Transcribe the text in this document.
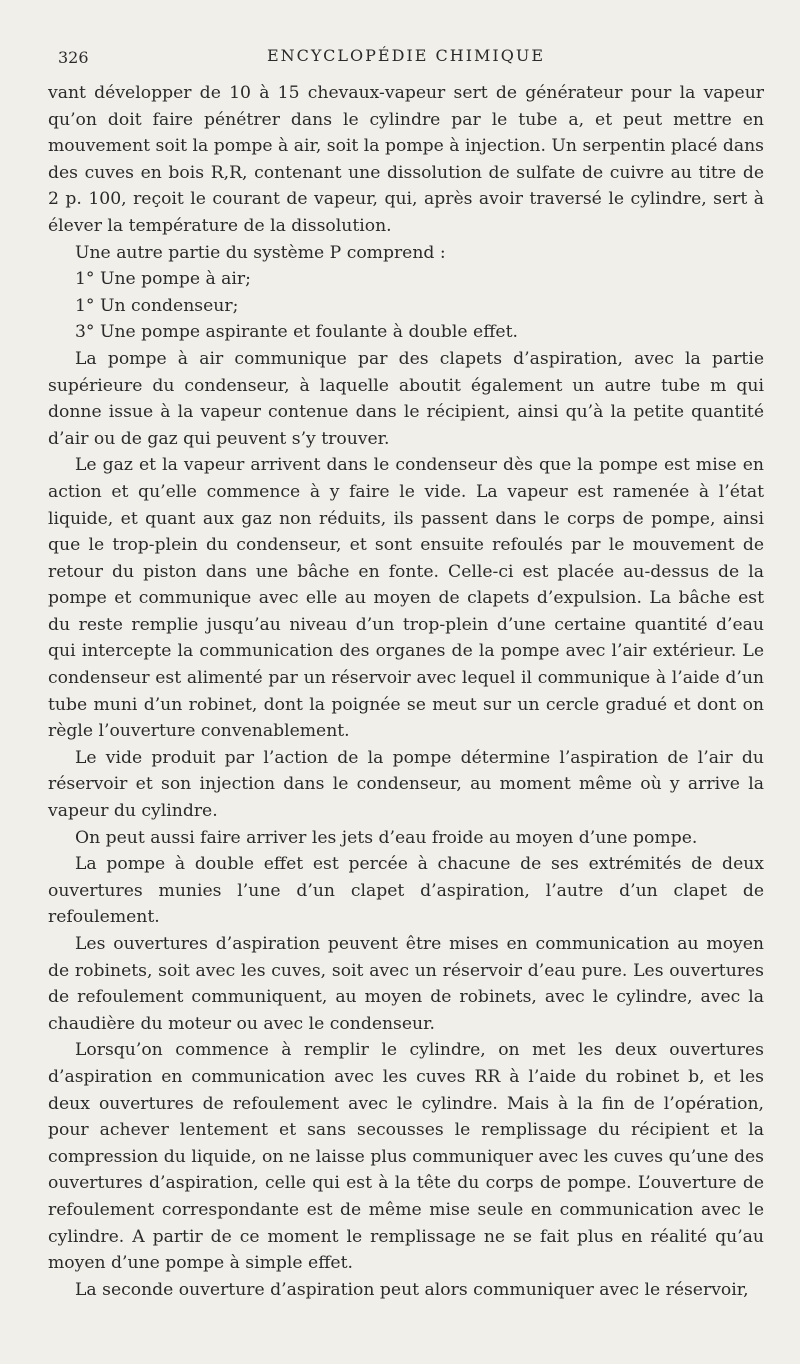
326	ENCYCLOPÉDIE CHIMIQUE

vant développer de 10 à 15 chevaux-vapeur sert de générateur pour la vapeur qu’on doit faire pénétrer dans le cylindre par le tube a, et peut mettre en mouvement soit la pompe à air, soit la pompe à injection. Un serpentin placé dans des cuves en bois R,R, contenant une dissolution de sulfate de cuivre au titre de 2 p. 100, reçoit le courant de vapeur, qui, après avoir traversé le cylindre, sert à élever la température de la dissolution.

Une autre partie du système P comprend :

1° Une pompe à air;

1° Un condenseur;

3° Une pompe aspirante et foulante à double effet.

La pompe à air communique par des clapets d’aspiration, avec la partie supérieure du condenseur, à laquelle aboutit également un autre tube m qui donne issue à la vapeur contenue dans le récipient, ainsi qu’à la petite quantité d’air ou de gaz qui peuvent s’y trouver.

Le gaz et la vapeur arrivent dans le condenseur dès que la pompe est mise en action et qu’elle commence à y faire le vide. La vapeur est ramenée à l’état liquide, et quant aux gaz non réduits, ils passent dans le corps de pompe, ainsi que le trop-plein du condenseur, et sont ensuite refoulés par le mouvement de retour du piston dans une bâche en fonte. Celle-ci est placée au-dessus de la pompe et communique avec elle au moyen de clapets d’expulsion. La bâche est du reste remplie jusqu’au niveau d’un trop-plein d’une certaine quantité d’eau qui intercepte la communication des organes de la pompe avec l’air extérieur. Le condenseur est alimenté par un réservoir avec lequel il communique à l’aide d’un tube muni d’un robinet, dont la poignée se meut sur un cercle gradué et dont on règle l’ouverture convenablement.

Le vide produit par l’action de la pompe détermine l’aspiration de l’air du réservoir et son injection dans le condenseur, au moment même où y arrive la vapeur du cylindre.

On peut aussi faire arriver les jets d’eau froide au moyen d’une pompe.

La pompe à double effet est percée à chacune de ses extrémités de deux ouvertures munies l’une d’un clapet d’aspiration, l’autre d’un clapet de refoulement.

Les ouvertures d’aspiration peuvent être mises en communication au moyen de robinets, soit avec les cuves, soit avec un réservoir d’eau pure. Les ouvertures de refoulement communiquent, au moyen de robinets, avec le cylindre, avec la chaudière du moteur ou avec le condenseur.

Lorsqu’on commence à remplir le cylindre, on met les deux ouvertures d’aspiration en communication avec les cuves RR à l’aide du robinet b, et les deux ouvertures de refoulement avec le cylindre. Mais à la fin de l’opération, pour achever lentement et sans secousses le remplissage du récipient et la compression du liquide, on ne laisse plus communiquer avec les cuves qu’une des ouvertures d’aspiration, celle qui est à la tête du corps de pompe. L’ouverture de refoulement correspondante est de même mise seule en communication avec le cylindre. A partir de ce moment le remplissage ne se fait plus en réalité qu’au moyen d’une pompe à simple effet.

La seconde ouverture d’aspiration peut alors communiquer avec le réservoir,
